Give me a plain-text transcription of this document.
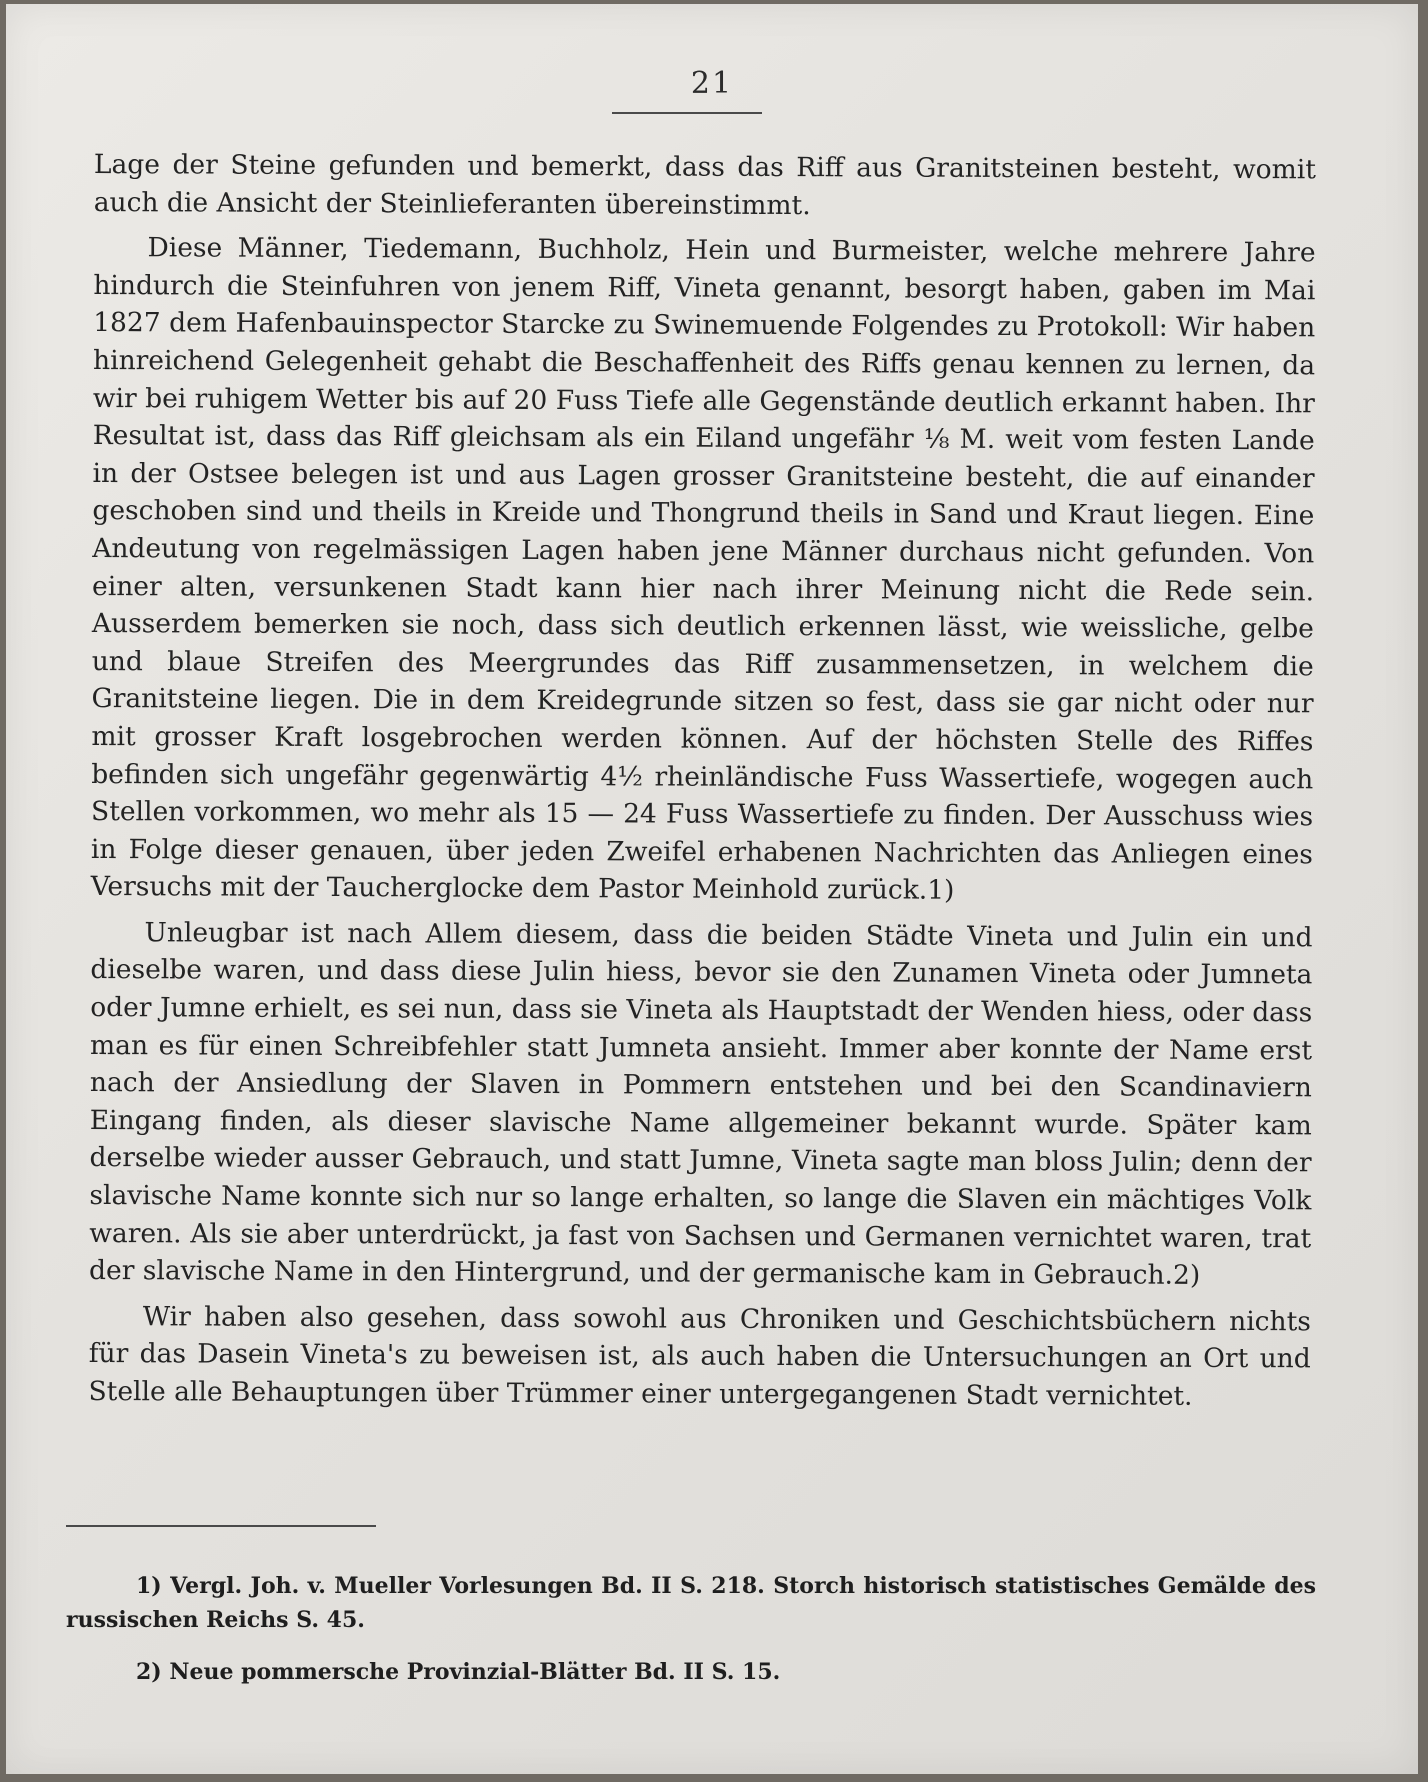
21

Lage der Steine gefunden und bemerkt, dass das Riff aus Granitsteinen besteht, womit auch die Ansicht der Steinlieferanten übereinstimmt.

Diese Männer, Tiedemann, Buchholz, Hein und Burmeister, welche mehrere Jahre hindurch die Steinfuhren von jenem Riff, Vineta genannt, besorgt haben, gaben im Mai 1827 dem Hafenbauinspector Starcke zu Swinemuende Folgendes zu Protokoll: Wir haben hinreichend Gelegenheit gehabt die Beschaffenheit des Riffs genau kennen zu lernen, da wir bei ruhigem Wetter bis auf 20 Fuss Tiefe alle Gegenstände deutlich erkannt haben. Ihr Resultat ist, dass das Riff gleichsam als ein Eiland ungefähr ⅛ M. weit vom festen Lande in der Ostsee belegen ist und aus Lagen grosser Granitsteine besteht, die auf einander geschoben sind und theils in Kreide und Thongrund theils in Sand und Kraut liegen. Eine Andeutung von regelmässigen Lagen haben jene Männer durchaus nicht gefunden. Von einer alten, versunkenen Stadt kann hier nach ihrer Meinung nicht die Rede sein. Ausserdem bemerken sie noch, dass sich deutlich erkennen lässt, wie weissliche, gelbe und blaue Streifen des Meergrundes das Riff zusammensetzen, in welchem die Granitsteine liegen. Die in dem Kreidegrunde sitzen so fest, dass sie gar nicht oder nur mit grosser Kraft losgebrochen werden können. Auf der höchsten Stelle des Riffes befinden sich ungefähr gegenwärtig 4½ rheinländische Fuss Wassertiefe, wogegen auch Stellen vorkommen, wo mehr als 15 — 24 Fuss Wassertiefe zu finden. Der Ausschuss wies in Folge dieser genauen, über jeden Zweifel erhabenen Nachrichten das Anliegen eines Versuchs mit der Taucherglocke dem Pastor Meinhold zurück.1)

Unleugbar ist nach Allem diesem, dass die beiden Städte Vineta und Julin ein und dieselbe waren, und dass diese Julin hiess, bevor sie den Zunamen Vineta oder Jumneta oder Jumne erhielt, es sei nun, dass sie Vineta als Hauptstadt der Wenden hiess, oder dass man es für einen Schreibfehler statt Jumneta ansieht. Immer aber konnte der Name erst nach der Ansiedlung der Slaven in Pommern entstehen und bei den Scandinaviern Eingang finden, als dieser slavische Name allgemeiner bekannt wurde. Später kam derselbe wieder ausser Gebrauch, und statt Jumne, Vineta sagte man bloss Julin; denn der slavische Name konnte sich nur so lange erhalten, so lange die Slaven ein mächtiges Volk waren. Als sie aber unterdrückt, ja fast von Sachsen und Germanen vernichtet waren, trat der slavische Name in den Hintergrund, und der germanische kam in Gebrauch.2)

Wir haben also gesehen, dass sowohl aus Chroniken und Geschichtsbüchern nichts für das Dasein Vineta's zu beweisen ist, als auch haben die Untersuchungen an Ort und Stelle alle Behauptungen über Trümmer einer untergegangenen Stadt vernichtet.

1) Vergl. Joh. v. Mueller Vorlesungen Bd. II S. 218. Storch historisch statistisches Gemälde des russischen Reichs S. 45.

2) Neue pommersche Provinzial-Blätter Bd. II S. 15.
